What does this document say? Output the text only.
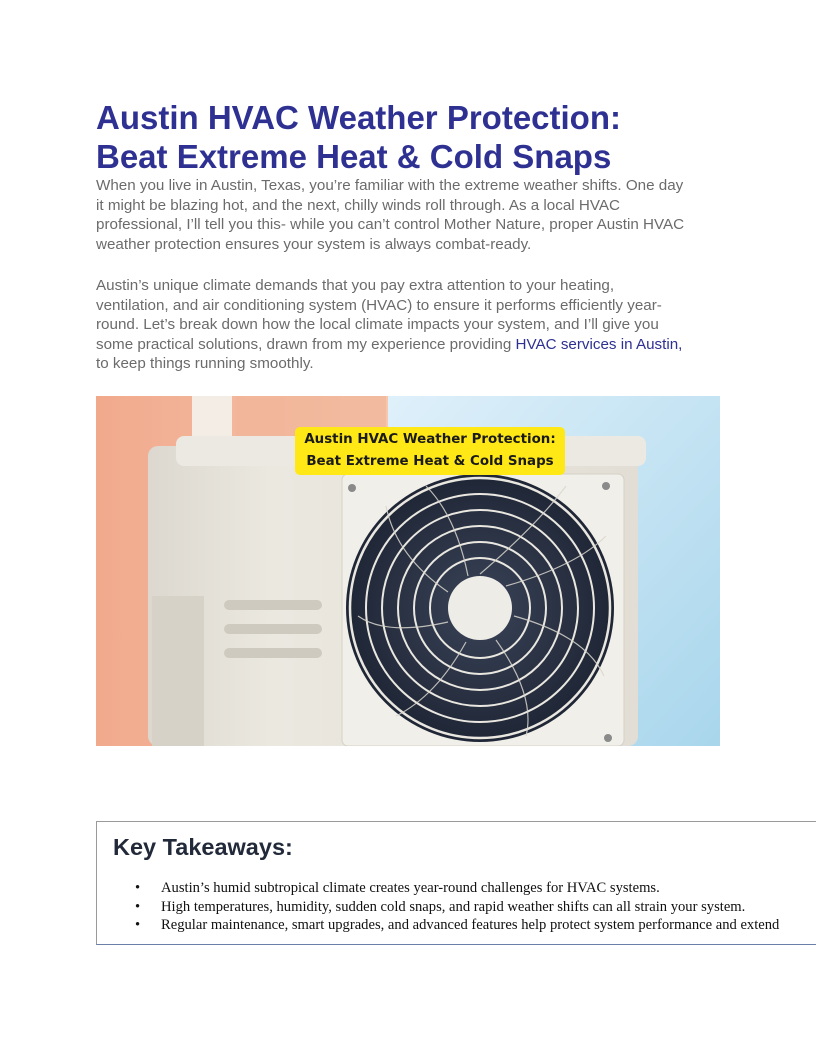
Austin HVAC Weather Protection:
Beat Extreme Heat & Cold Snaps

When you live in Austin, Texas, you’re familiar with the extreme weather shifts. One day
it might be blazing hot, and the next, chilly winds roll through. As a local HVAC
professional, I’ll tell you this- while you can’t control Mother Nature, proper Austin HVAC
weather protection ensures your system is always combat-ready.

Austin’s unique climate demands that you pay extra attention to your heating,
ventilation, and air conditioning system (HVAC) to ensure it performs efficiently year-
round. Let’s break down how the local climate impacts your system, and I’ll give you
some practical solutions, drawn from my experience providing HVAC services in Austin,
to keep things running smoothly.

Austin HVAC Weather Protection:
Beat Extreme Heat & Cold Snaps
Key Takeaways:
• Austin’s humid subtropical climate creates year-round challenges for HVAC systems.
• High temperatures, humidity, sudden cold snaps, and rapid weather shifts can all strain your system.
• Regular maintenance, smart upgrades, and advanced features help protect system performance and extend
